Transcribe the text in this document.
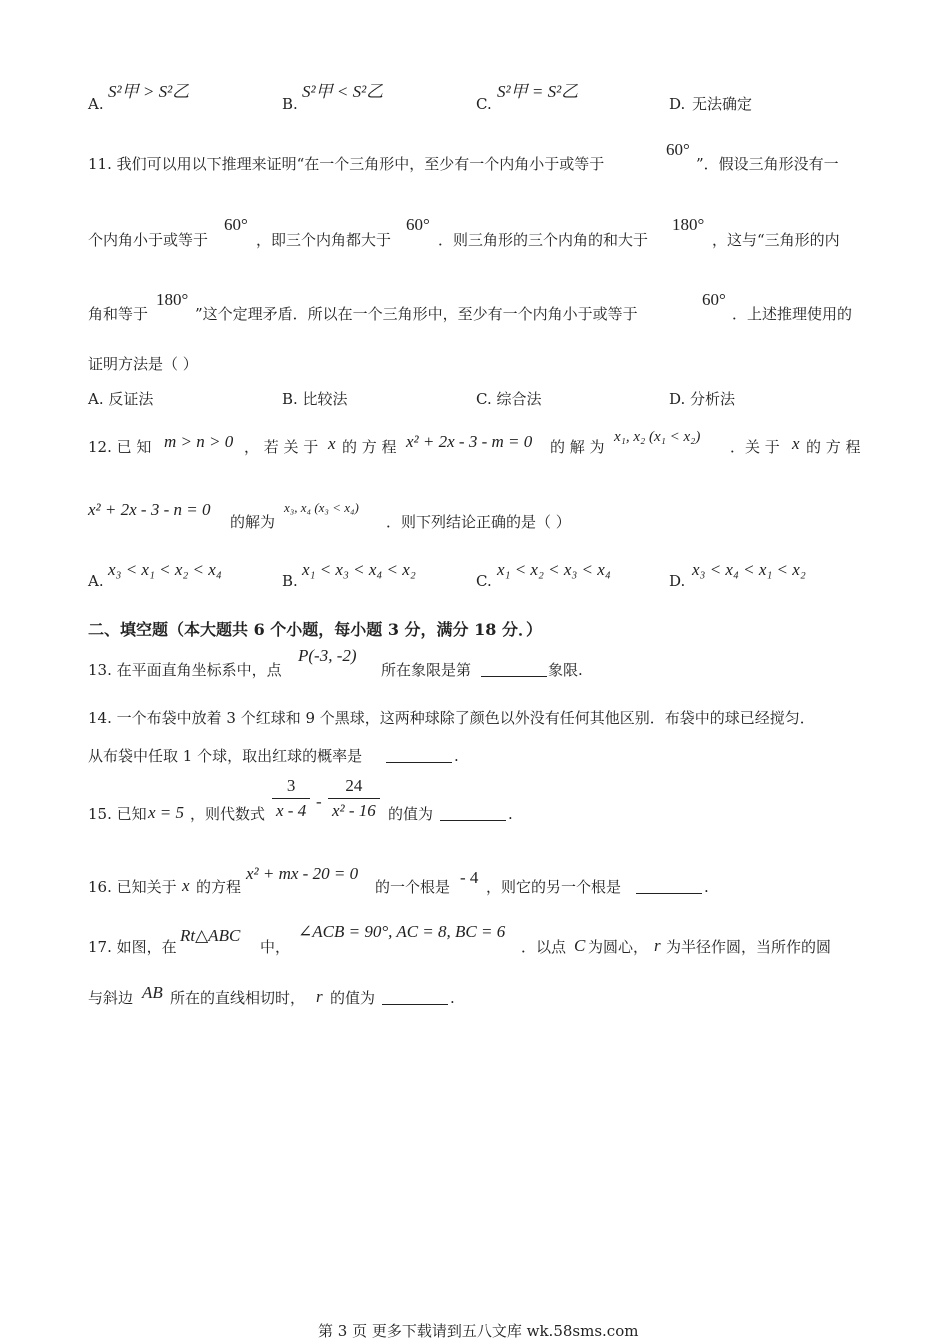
A.
S²甲 > S²乙
B.
S²甲 < S²乙
C.
S²甲 = S²乙
D. 无法确定
11. 我们可以用以下推理来证明“在一个三角形中，至少有一个内角小于或等于
60°
”．假设三角形没有一
个内角小于或等于
60°
，即三个内角都大于
60°
．则三角形的三个内角的和大于
180°
，这与“三角形的内
角和等于
180°
”这个定理矛盾．所以在一个三角形中，至少有一个内角小于或等于
60°
．上述推理使用的
证明方法是（ ）
A. 反证法	B. 比较法	C. 综合法	D. 分析法
12. 已 知 m > n > 0 ， 若 关 于 x 的 方 程 x² + 2x - 3 - m = 0 的 解 为
x₁, x₂ (x₁ < x₂)
．关 于 x 的 方 程
x² + 2x - 3 - n = 0
的解为
x₃, x₄ (x₃ < x₄)
．则下列结论正确的是（ ）
A.
x₃ < x₁ < x₂ < x₄
B.
x₁ < x₃ < x₄ < x₂
C.
x₁ < x₂ < x₃ < x₄
D.
x₃ < x₄ < x₁ < x₂
二、填空题（本大题共 6 个小题，每小题 3 分，满分 18 分．）
13. 在平面直角坐标系中，点
P(-3, -2)
所在象限是第	象限.
14. 一个布袋中放着 3 个红球和 9 个黑球，这两种球除了颜色以外没有任何其他区别．布袋中的球已经搅匀．
从布袋中任取 1 个球，取出红球的概率是	.
15. 已知 x = 5 ，则代数式 $\frac{3}{x - 4} - \frac{24}{\text{x² - 16}}$ 的值为	.
16. 已知关于 x 的方程
x² + mx - 20 = 0
的一个根是 - 4 ，则它的另一个根是	.
17. 如图，在
Rt△ABC
中，
∠ACB = 90°, AC = 8, BC = 6
．以点 C 为圆心， r 为半径作圆，当所作的圆
与斜边 AB 所在的直线相切时， r 的值为	.
第 3 页 更多下载请到五八文库 wk.58sms.com
